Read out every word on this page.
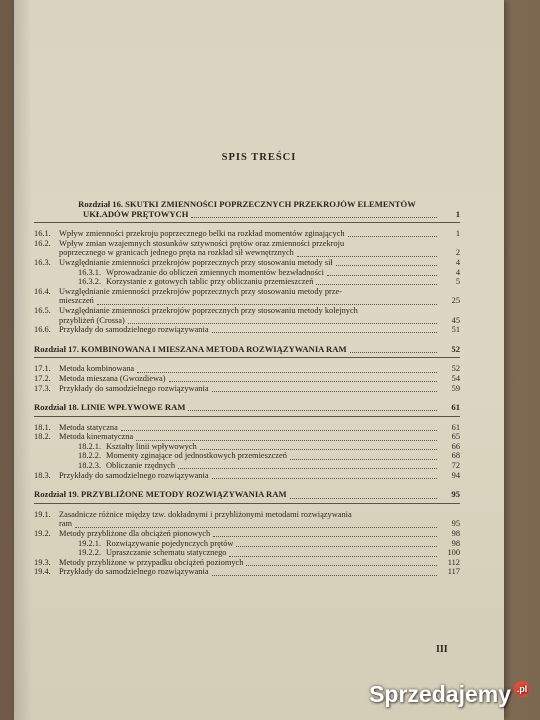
SPIS TREŚCI
Rozdział 16. SKUTKI ZMIENNOŚCI POPRZECZNYCH PRZEKROJÓW ELEMENTÓW
UKŁADÓW PRĘTOWYCH	1
16.1. Wpływ zmienności przekroju poprzecznego belki na rozkład momentów zginających	1
16.2. Wpływ zmian wzajemnych stosunków sztywności prętów oraz zmienności przekroju
poprzecznego w granicach jednego pręta na rozkład sił wewnętrznych	2
16.3. Uwzględnianie zmienności przekrojów poprzecznych przy stosowaniu metody sił	4
16.3.1. Wprowadzanie do obliczeń zmiennych momentów bezwładności	4
16.3.2. Korzystanie z gotowych tablic przy obliczaniu przemieszczeń	5
16.4. Uwzględnianie zmienności przekrojów poprzecznych przy stosowaniu metody prze-
mieszczeń	25
16.5. Uwzględnianie zmienności przekrojów poprzecznych przy stosowaniu metody kolejnych
przybliżeń (Crossa)	45
16.6. Przykłady do samodzielnego rozwiązywania	51
Rozdział 17. KOMBINOWANA I MIESZANA METODA ROZWIĄZYWANIA RAM	52
17.1. Metoda kombinowana	52
17.2. Metoda mieszana (Gwozdiewa)	54
17.3. Przykłady do samodzielnego rozwiązywania	59
Rozdział 18. LINIE WPŁYWOWE RAM	61
18.1. Metoda statyczna	61
18.2. Metoda kinematyczna	65
18.2.1. Kształty linii wpływowych	66
18.2.2. Momenty zginające od jednostkowych przemieszczeń	68
18.2.3. Obliczanie rzędnych	72
18.3. Przykłady do samodzielnego rozwiązywania	94
Rozdział 19. PRZYBLIŻONE METODY ROZWIĄZYWANIA RAM	95
19.1. Zasadnicze różnice między tzw. dokładnymi i przybliżonymi metodami rozwiązywania
ram	95
19.2. Metody przybliżone dla obciążeń pionowych	98
19.2.1. Rozwiązywanie pojedynczych prętów	98
19.2.2. Upraszczanie schematu statycznego	100
19.3. Metody przybliżone w przypadku obciążeń poziomych	112
19.4. Przykłady do samodzielnego rozwiązywania	117
III
Sprzedajemy .pl
